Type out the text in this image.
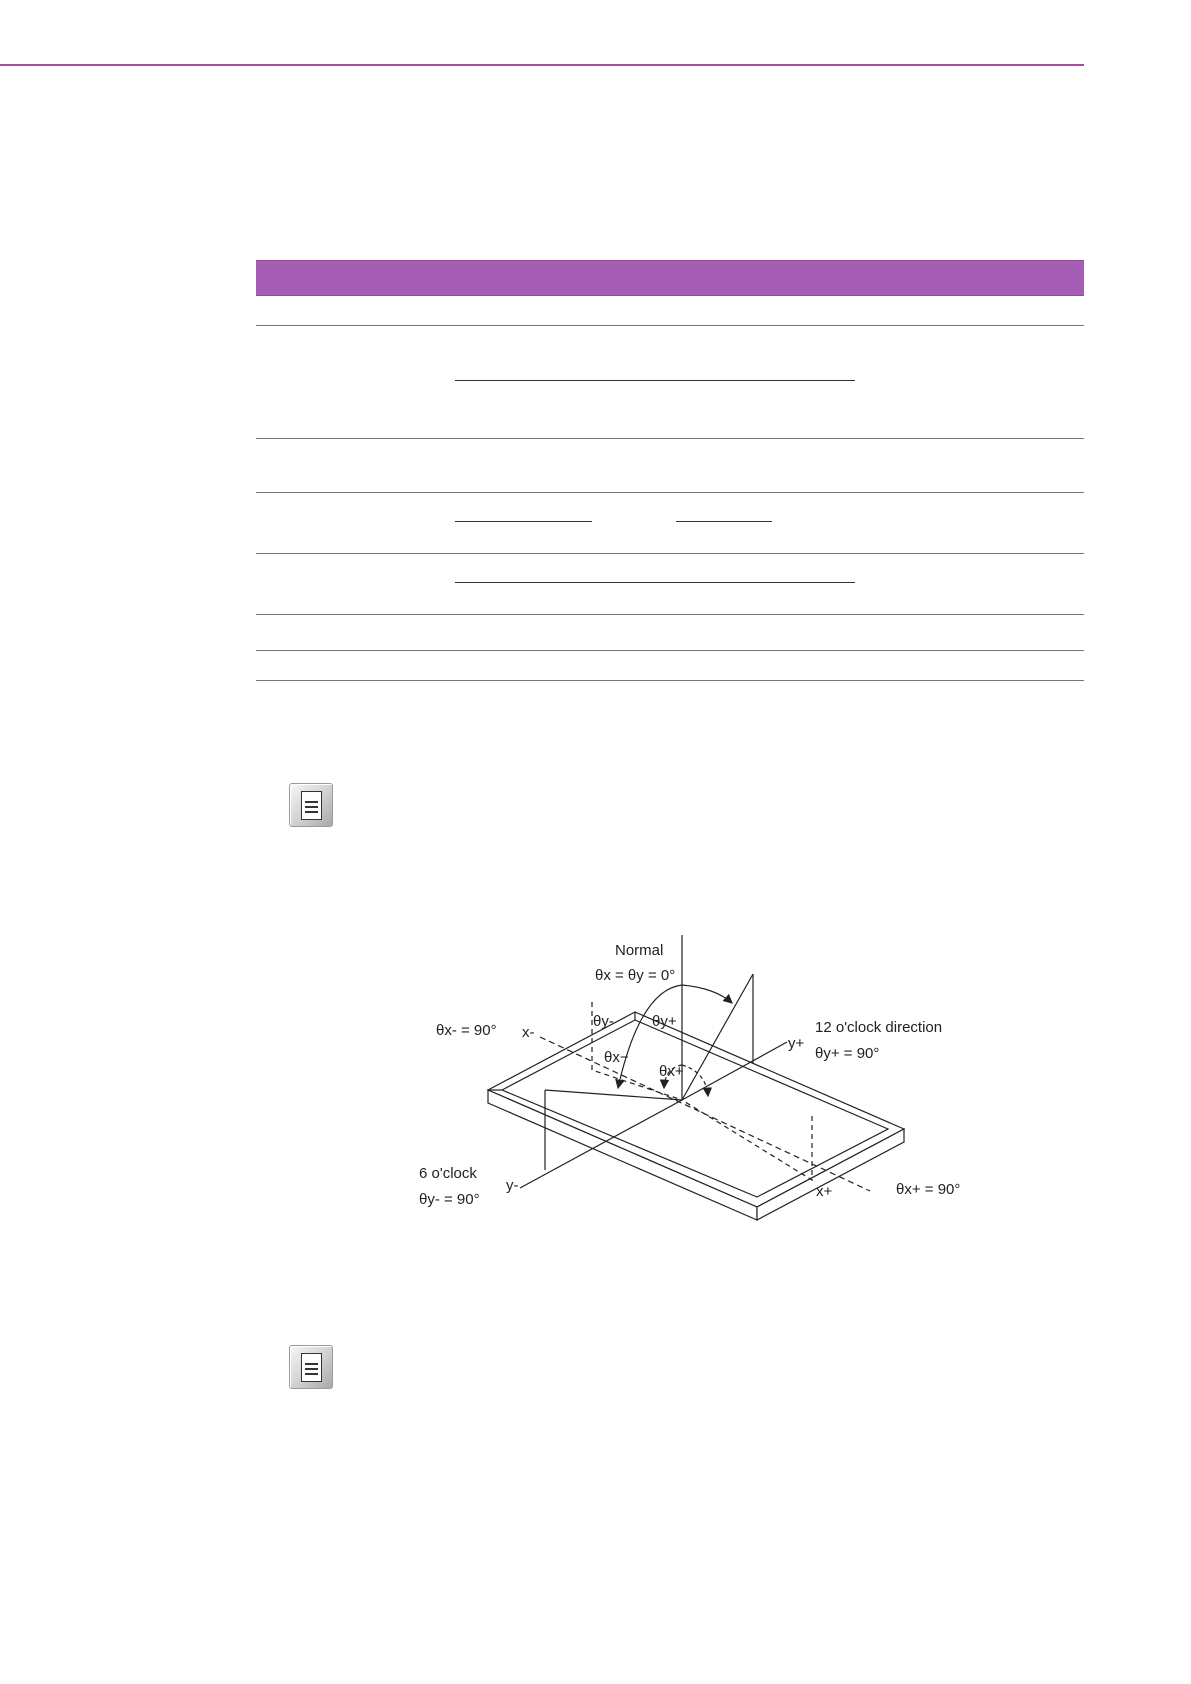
Normal
θx = θy = 0°
θy-	θy+
θx−
θx+
x-
x+
y+
y-
θx- = 90°	12 o'clock direction
θy+ = 90°
6 o'clock
θy- = 90°
θx+ = 90°
